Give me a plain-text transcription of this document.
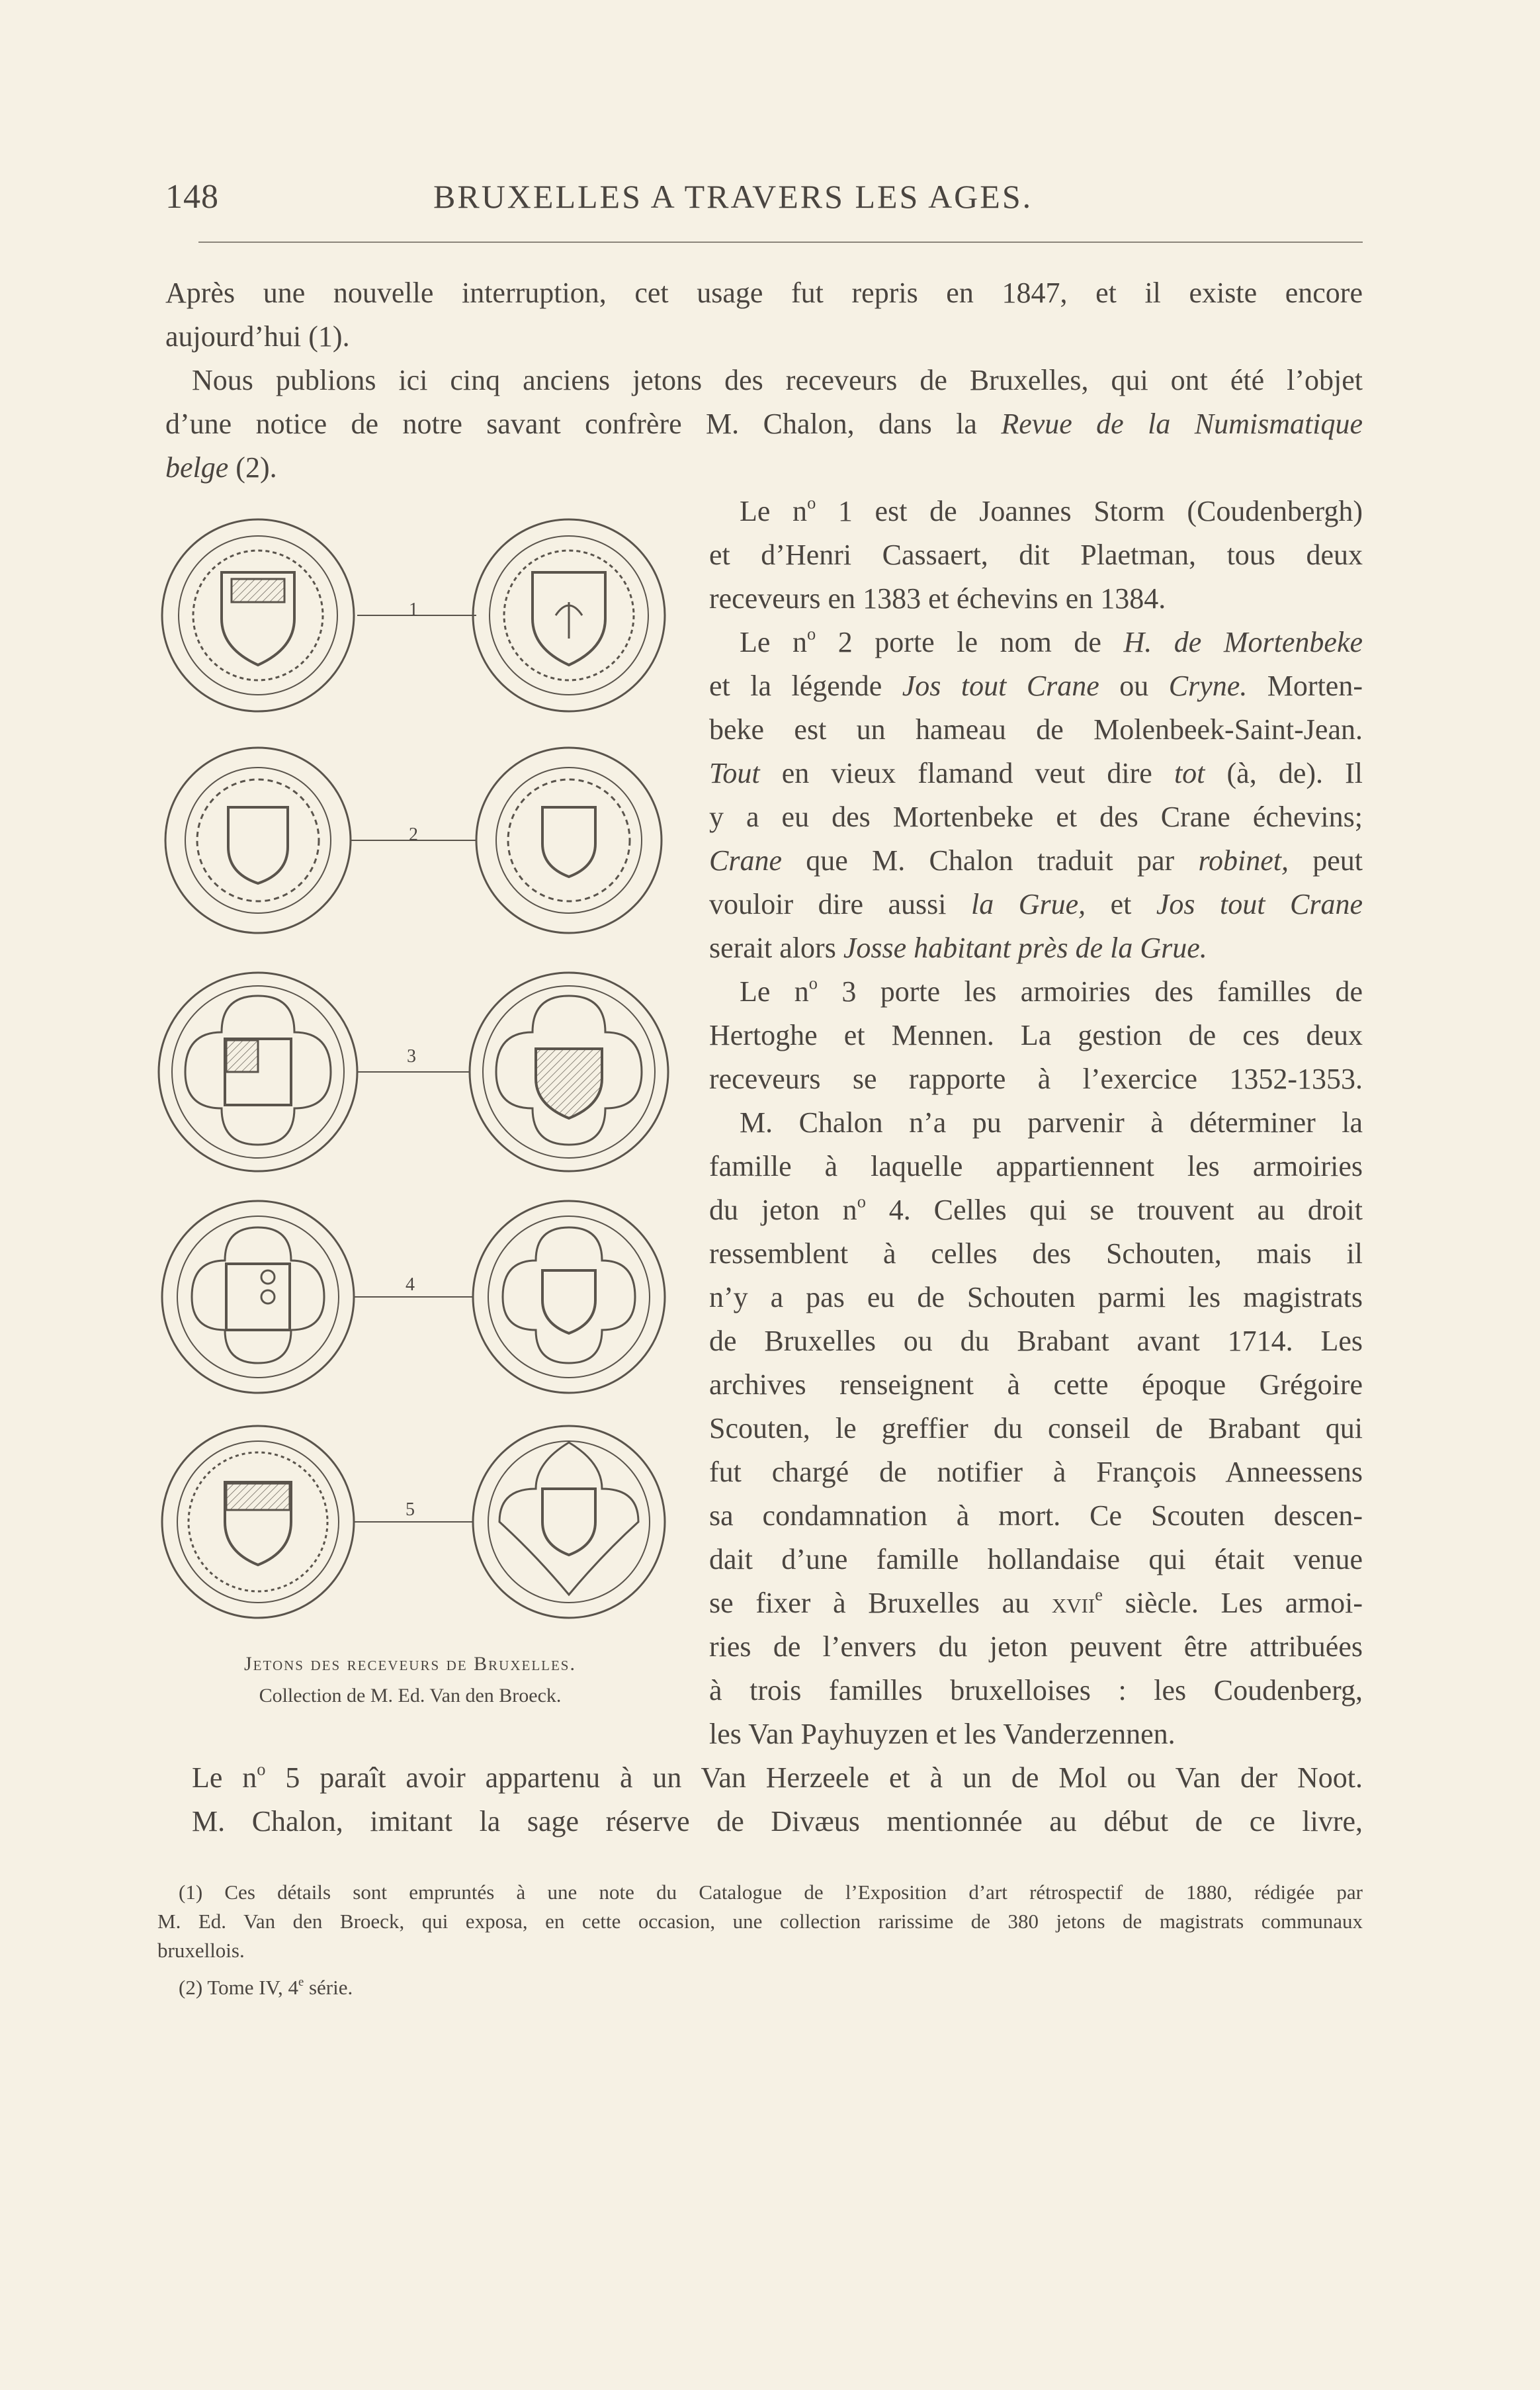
148	BRUXELLES A TRAVERS LES AGES.
Après une nouvelle interruption, cet usage fut repris en 1847, et il existe encore
aujourd’hui (1).
Nous publions ici cinq anciens jetons des receveurs de Bruxelles, qui ont été l’objet
d’une notice de notre savant confrère M. Chalon, dans la Revue de la Numismatique
belge (2).
1
2
3
4
5
Jetons des receveurs de Bruxelles.
Collection de M. Ed. Van den Broeck.
Le $n^o$ 1 est de Joannes Storm (Coudenbergh)
et d’Henri Cassaert, dit Plaetman, tous deux
receveurs en 1383 et échevins en 1384.
Le $n^o$ 2 porte le nom de H. de Mortenbeke
et la légende Jos tout Crane ou Cryne. Morten-
beke est un hameau de Molenbeek-Saint-Jean.
Tout en vieux flamand veut dire tot (à, de). Il
y a eu des Mortenbeke et des Crane échevins;
Crane que M. Chalon traduit par robinet, peut
vouloir dire aussi la Grue, et Jos tout Crane
serait alors Josse habitant près de la Grue.
Le $n^o$ 3 porte les armoiries des familles de
Hertoghe et Mennen. La gestion de ces deux
receveurs se rapporte à l’exercice 1352-1353.
M. Chalon n’a pu parvenir à déterminer la
famille à laquelle appartiennent les armoiries
du jeton $n^o$ 4. Celles qui se trouvent au droit
ressemblent à celles des Schouten, mais il
n’y a pas eu de Schouten parmi les magistrats
de Bruxelles ou du Brabant avant 1714. Les
archives renseignent à cette époque Grégoire
Scouten, le greffier du conseil de Brabant qui
fut chargé de notifier à François Anneessens
sa condamnation à mort. Ce Scouten descen-
dait d’une famille hollandaise qui était venue
se fixer à Bruxelles au xvii$^e$ siècle. Les armoi-
ries de l’envers du jeton peuvent être attribuées
à trois familles bruxelloises : les Coudenberg,
les Van Payhuyzen et les Vanderzennen.
Le $n^o$ 5 paraît avoir appartenu à un Van Herzeele et à un de Mol ou Van der Noot.
M. Chalon, imitant la sage réserve de Divæus mentionnée au début de ce livre,
(1) Ces détails sont empruntés à une note du Catalogue de l’Exposition d’art rétrospectif de 1880, rédigée par
M. Ed. Van den Broeck, qui exposa, en cette occasion, une collection rarissime de 380 jetons de magistrats communaux
bruxellois.
(2) Tome IV, 4e série.
